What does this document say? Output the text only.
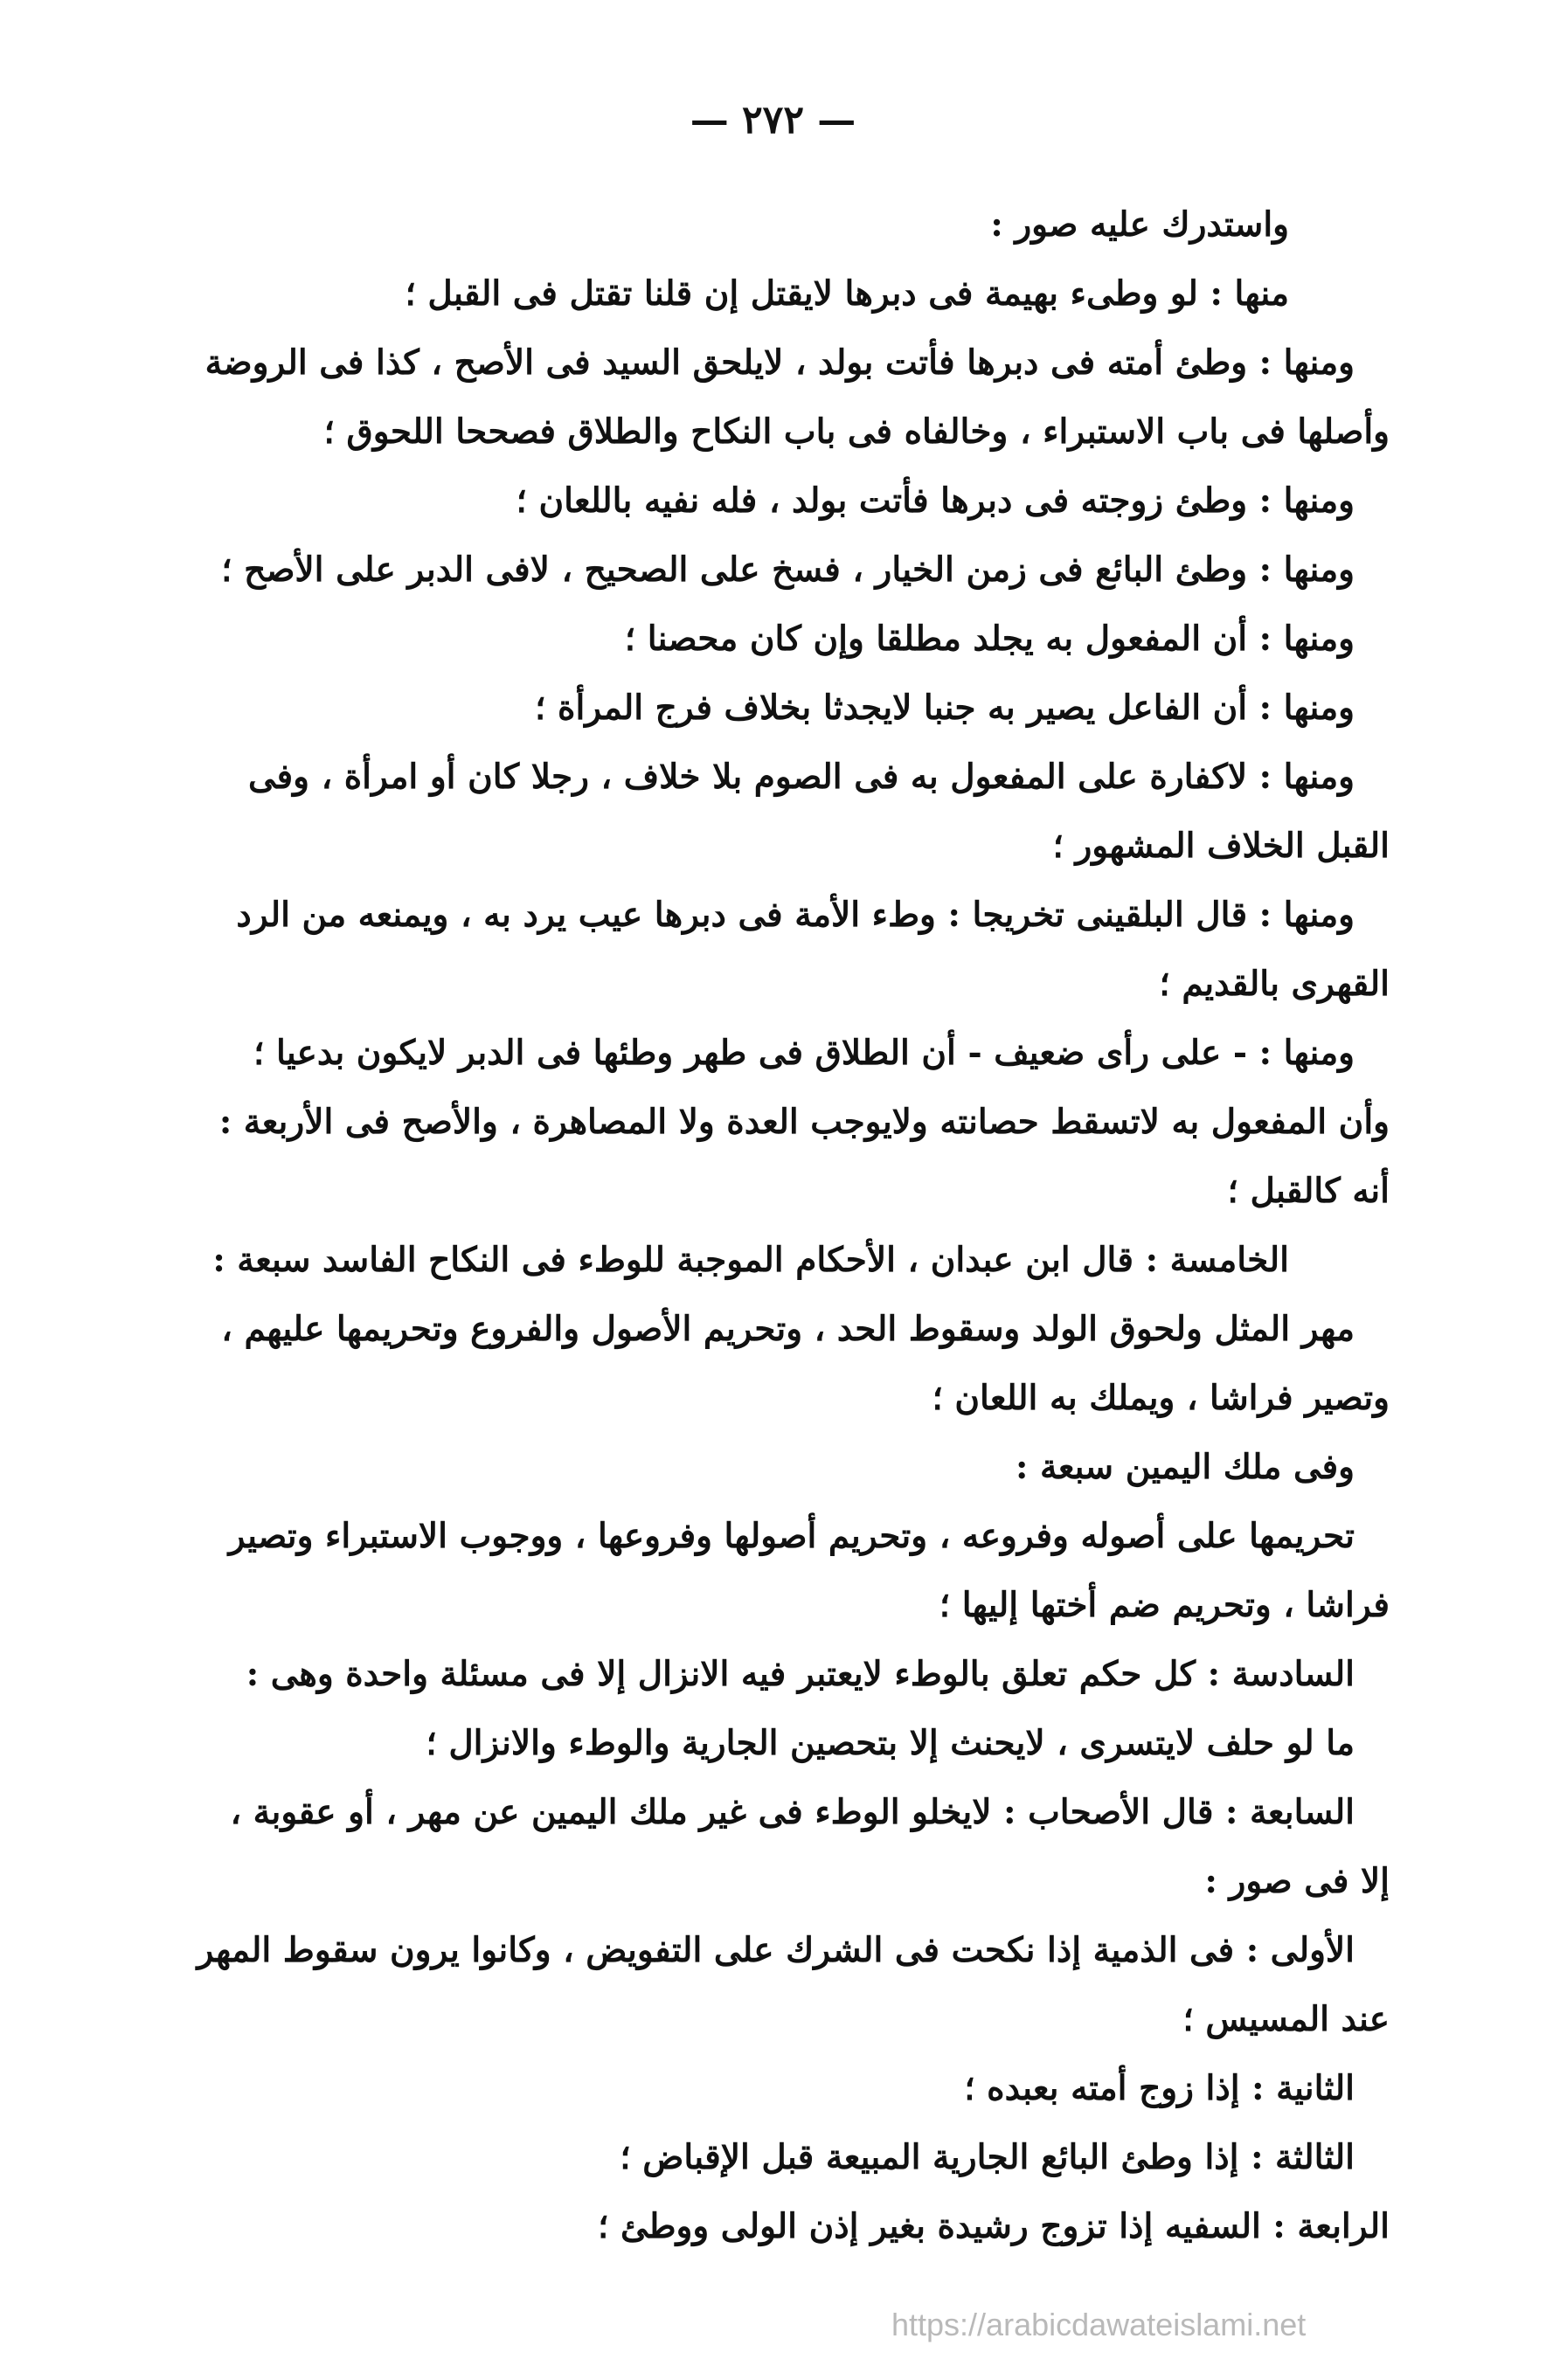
— ٢٧٢ —
واستدرك عليه صور :
منها : لو وطىء بهيمة فى دبرها لايقتل إن قلنا تقتل فى القبل ؛
ومنها : وطئ أمته فى دبرها فأتت بولد ، لايلحق السيد فى الأصح ، كذا فى الروضة
وأصلها فى باب الاستبراء ، وخالفاه فى باب النكاح والطلاق فصححا اللحوق ؛
ومنها : وطئ زوجته فى دبرها فأتت بولد ، فله نفيه باللعان ؛
ومنها : وطئ البائع فى زمن الخيار ، فسخ على الصحيح ، لافى الدبر على الأصح ؛
ومنها : أن المفعول به يجلد مطلقا وإن كان محصنا ؛
ومنها : أن الفاعل يصير به جنبا لايجدثا بخلاف فرج المرأة ؛
ومنها : لاكفارة على المفعول به فى الصوم بلا خلاف ، رجلا كان أو امرأة ، وفى
القبل الخلاف المشهور ؛
ومنها : قال البلقينى تخريجا : وطء الأمة فى دبرها عيب يرد به ، ويمنعه من الرد
القهرى بالقديم ؛
ومنها : - على رأى ضعيف - أن الطلاق فى طهر وطئها فى الدبر لايكون بدعيا ؛
وأن المفعول به لاتسقط حصانته ولايوجب العدة ولا المصاهرة ، والأصح فى الأربعة :
أنه كالقبل ؛
الخامسة : قال ابن عبدان ، الأحكام الموجبة للوطء فى النكاح الفاسد سبعة :
مهر المثل ولحوق الولد وسقوط الحد ، وتحريم الأصول والفروع وتحريمها عليهم ،
وتصير فراشا ، ويملك به اللعان ؛
وفى ملك اليمين سبعة :
تحريمها على أصوله وفروعه ، وتحريم أصولها وفروعها ، ووجوب الاستبراء وتصير
فراشا ، وتحريم ضم أختها إليها ؛
السادسة : كل حكم تعلق بالوطء لايعتبر فيه الانزال إلا فى مسئلة واحدة وهى :
ما لو حلف لايتسرى ، لايحنث إلا بتحصين الجارية والوطء والانزال ؛
السابعة : قال الأصحاب : لايخلو الوطء فى غير ملك اليمين عن مهر ، أو عقوبة ،
إلا فى صور :
الأولى : فى الذمية إذا نكحت فى الشرك على التفويض ، وكانوا يرون سقوط المهر
عند المسيس ؛
الثانية : إذا زوج أمته بعبده ؛
الثالثة : إذا وطئ البائع الجارية المبيعة قبل الإقباض ؛
الرابعة : السفيه إذا تزوج رشيدة بغير إذن الولى ووطئ ؛
https://arabicdawateislami.net
